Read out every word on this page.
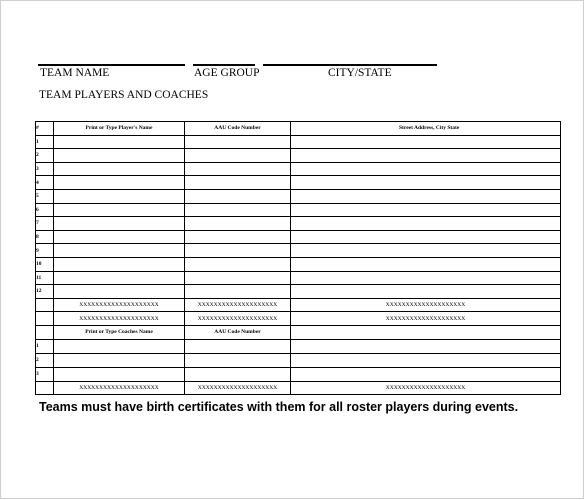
TEAM NAME	AGE GROUP	CITY/STATE
TEAM PLAYERS AND COACHES
#	Print or Type Player's Name	AAU Code Number	Street Address, City State
1			
2			
3			
4			
5			
6			
7			
8			
9			
10			
11			
12			
	XXXXXXXXXXXXXXXXXXXX	XXXXXXXXXXXXXXXXXXXX	XXXXXXXXXXXXXXXXXXXX
	XXXXXXXXXXXXXXXXXXXX	XXXXXXXXXXXXXXXXXXXX	XXXXXXXXXXXXXXXXXXXX
	Print or Type Coaches Name	AAU Code Number	
1			
2			
3			
	XXXXXXXXXXXXXXXXXXXX	XXXXXXXXXXXXXXXXXXXX	XXXXXXXXXXXXXXXXXXXX
Teams must have birth certificates with them for all roster players during events.
